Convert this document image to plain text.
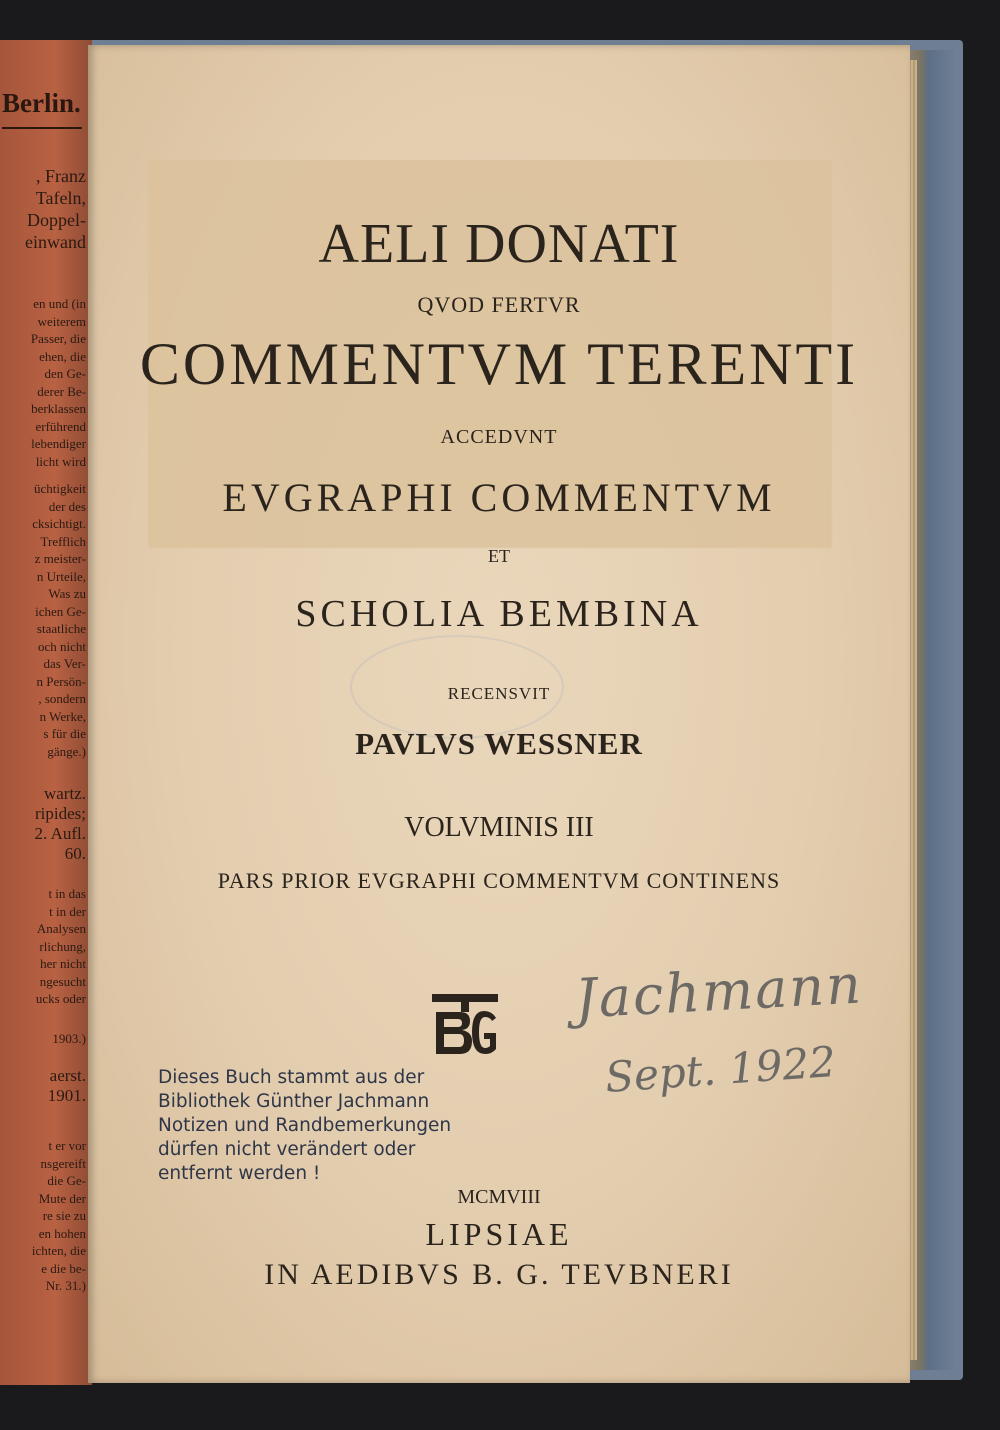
Berlin.
, Franz
Tafeln,
Doppel-
einwand
en und (in
weiterem
Passer, die
ehen, die
den Ge-
derer Be-
berklassen
erführend
lebendiger
licht wird
üchtigkeit
der des
cksichtigt.
Trefflich
z meister-
n Urteile,
Was zu
ichen Ge-
staatliche
och nicht
das Ver-
n Persön-
, sondern
n Werke,
s für die
gänge.)
wartz.
ripides;
2. Aufl.
60.
t in das
t in der
Analysen
rlichung,
her nicht
ngesucht
ucks oder
1903.)
aerst.
1901.
t er vor
nsgereift
die Ge-
Mute der
re sie zu
en hohen
ichten, die
e die be-
Nr. 31.)
AELI DONATI
QVOD FERTVR
COMMENTVM TERENTI
ACCEDVNT
EVGRAPHI COMMENTVM
ET
SCHOLIA BEMBINA
RECENSVIT
PAVLVS WESSNER
VOLVMINIS III
PARS PRIOR EVGRAPHI COMMENTVM CONTINENS
Dieses Buch stammt aus der
Bibliothek Günther Jachmann
Notizen und Randbemerkungen
dürfen nicht verändert oder
entfernt werden !
Jachmann
Sept. 1922
MCMVIII
LIPSIAE
IN AEDIBVS B. G. TEVBNERI
